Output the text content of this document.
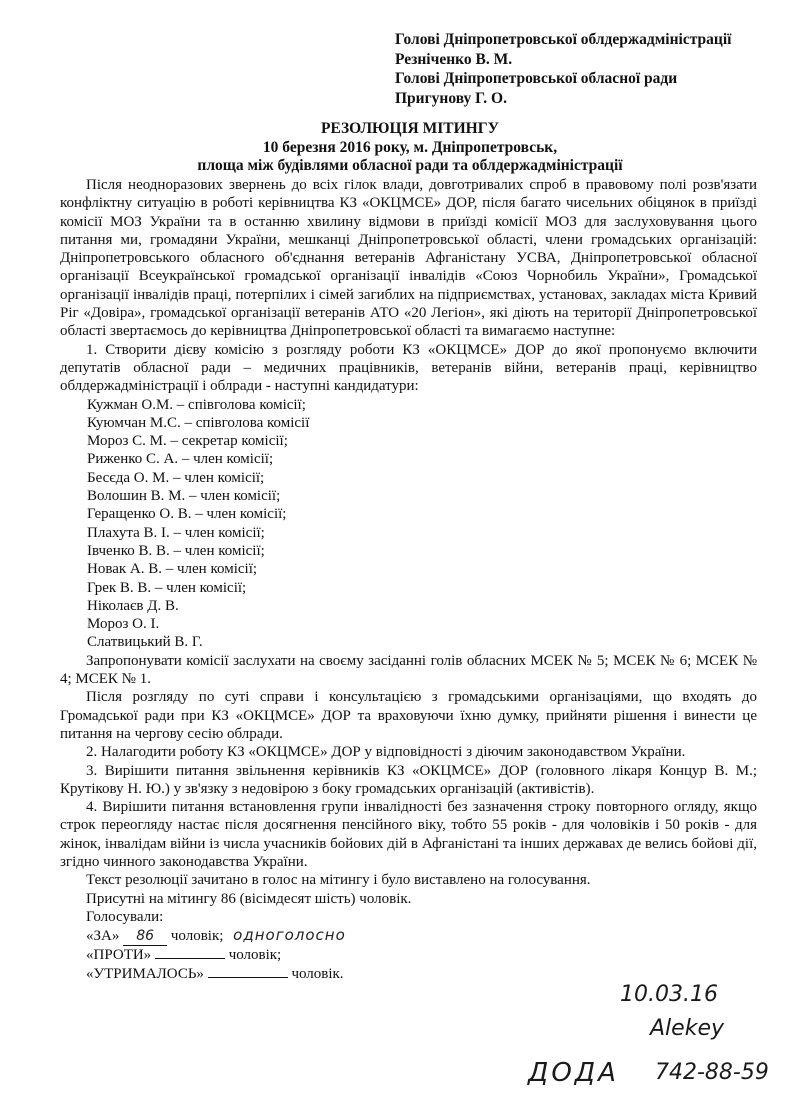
Голові Дніпропетровської облдержадміністрації
Резніченко В. М.
Голові Дніпропетровської обласної ради
Пригунову Г. О.
РЕЗОЛЮЦІЯ МІТИНГУ
10 березня 2016 року, м. Дніпропетровськ,
площа між будівлями обласної ради та облдержадміністрації

Після неодноразових звернень до всіх гілок влади, довготривалих спроб в правовому полі розв'язати конфліктну ситуацію в роботі керівництва КЗ «ОКЦМСЕ» ДОР, після багато чисельних обіцянок в приїзді комісії МОЗ України та в останню хвилину відмови в приїзді комісії МОЗ для заслуховування цього питання ми, громадяни України, мешканці Дніпропетровської області, члени громадських організацій: Дніпропетровського обласного об'єднання ветеранів Афганістану УСВА, Дніпропетровської обласної організації Всеукраїнської громадської організації інвалідів «Союз Чорнобиль України», Громадської організації інвалідів праці, потерпілих і сімей загиблих на підприємствах, установах, закладах міста Кривий Ріг «Довіра», громадської організації ветеранів АТО «20 Легіон», які діють на території Дніпропетровської області звертаємось до керівництва Дніпропетровської області та вимагаємо наступне:

1. Створити дієву комісію з розгляду роботи КЗ «ОКЦМСЕ» ДОР до якої пропонуємо включити депутатів обласної ради – медичних працівників, ветеранів війни, ветеранів праці, керівництво облдержадміністрації і облради - наступні кандидатури:

Кужман О.М. – співголова комісії;
Куюмчан М.С. – співголова комісії
Мороз С. М. – секретар комісії;
Риженко С. А. – член комісії;
Бесєда О. М. – член комісії;
Волошин В. М. – член комісії;
Геращенко О. В. – член комісії;
Плахута В. І. – член комісії;
Івченко В. В. – член комісії;
Новак А. В. – член комісії;
Грек В. В. – член комісії;
Ніколаєв Д. В.
Мороз О. І.
Слатвицький В. Г.

Запропонувати комісії заслухати на своєму засіданні голів обласних МСЕК № 5; МСЕК № 6; МСЕК № 4; МСЕК № 1.

Після розгляду по суті справи і консультацією з громадськими організаціями, що входять до Громадської ради при КЗ «ОКЦМСЕ» ДОР та враховуючи їхню думку, прийняти рішення і винести це питання на чергову сесію облради.

2. Налагодити роботу КЗ «ОКЦМСЕ» ДОР у відповідності з діючим законодавством України.

3. Вирішити питання звільнення керівників КЗ «ОКЦМСЕ» ДОР (головного лікаря Концур В. М.; Крутікову Н. Ю.) у зв'язку з недовірою з боку громадських організацій (активістів).

4. Вирішити питання встановлення групи інвалідності без зазначення строку повторного огляду, якщо строк переогляду настає після досягнення пенсійного віку, тобто 55 років - для чоловіків і 50 років - для жінок, інвалідам війни із числа учасників бойових дій в Афганістані та інших державах де велись бойові дії, згідно чинного законодавства України.

Текст резолюції зачитано в голос на мітингу і було виставлено на голосування.

Присутні на мітингу 86 (вісімдесят шість) чоловік.

Голосували:

«ЗА» 86 чоловік; одноголосно

«ПРОТИ»	чоловік;

«УТРИМАЛОСЬ»	чоловік.

10.03.16
Alekey
ДОДА 742-88-59
